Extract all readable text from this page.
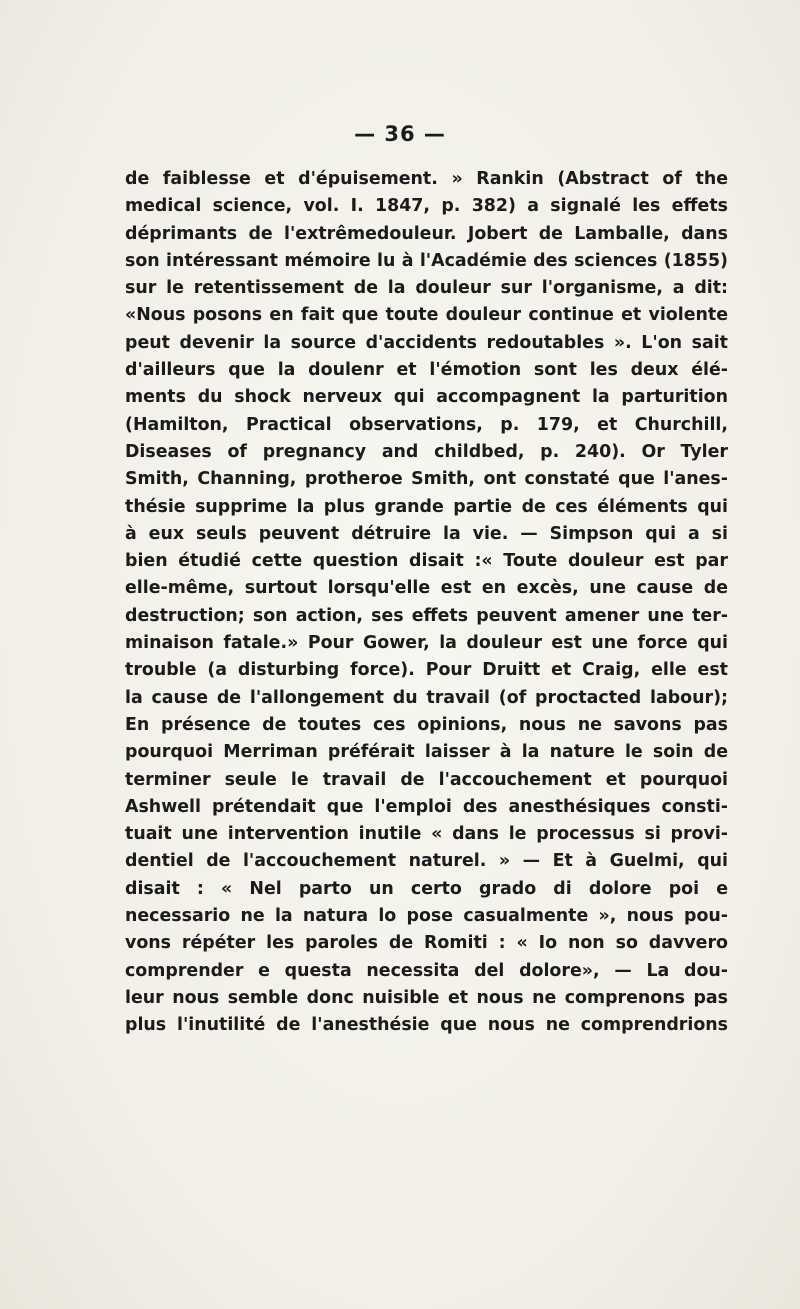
— 36 —
de faiblesse et d'épuisement. » Rankin (Abstract of the
medical science, vol. I. 1847, p. 382) a signalé les effets
déprimants de l'extrêmedouleur. Jobert de Lamballe, dans
son intéressant mémoire lu à l'Académie des sciences (1855)
sur le retentissement de la douleur sur l'organisme, a dit:
«Nous posons en fait que toute douleur continue et violente
peut devenir la source d'accidents redoutables ». L'on sait
d'ailleurs que la doulenr et l'émotion sont les deux élé-
ments du shock nerveux qui accompagnent la parturition
(Hamilton, Practical observations, p. 179, et Churchill,
Diseases of pregnancy and childbed, p. 240). Or Tyler
Smith, Channing, protheroe Smith, ont constaté que l'anes-
thésie supprime la plus grande partie de ces éléments qui
à eux seuls peuvent détruire la vie. — Simpson qui a si
bien étudié cette question disait :« Toute douleur est par
elle-même, surtout lorsqu'elle est en excès, une cause de
destruction; son action, ses effets peuvent amener une ter-
minaison fatale.» Pour Gower, la douleur est une force qui
trouble (a disturbing force). Pour Druitt et Craig, elle est
la cause de l'allongement du travail (of proctacted labour);
En présence de toutes ces opinions, nous ne savons pas
pourquoi Merriman préférait laisser à la nature le soin de
terminer seule le travail de l'accouchement et pourquoi
Ashwell prétendait que l'emploi des anesthésiques consti-
tuait une intervention inutile « dans le processus si provi-
dentiel de l'accouchement naturel. » — Et à Guelmi, qui
disait : « Nel parto un certo grado di dolore poi e
necessario ne la natura lo pose casualmente », nous pou-
vons répéter les paroles de Romiti : « Io non so davvero
comprender e questa necessita del dolore», — La dou-
leur nous semble donc nuisible et nous ne comprenons pas
plus l'inutilité de l'anesthésie que nous ne comprendrions
